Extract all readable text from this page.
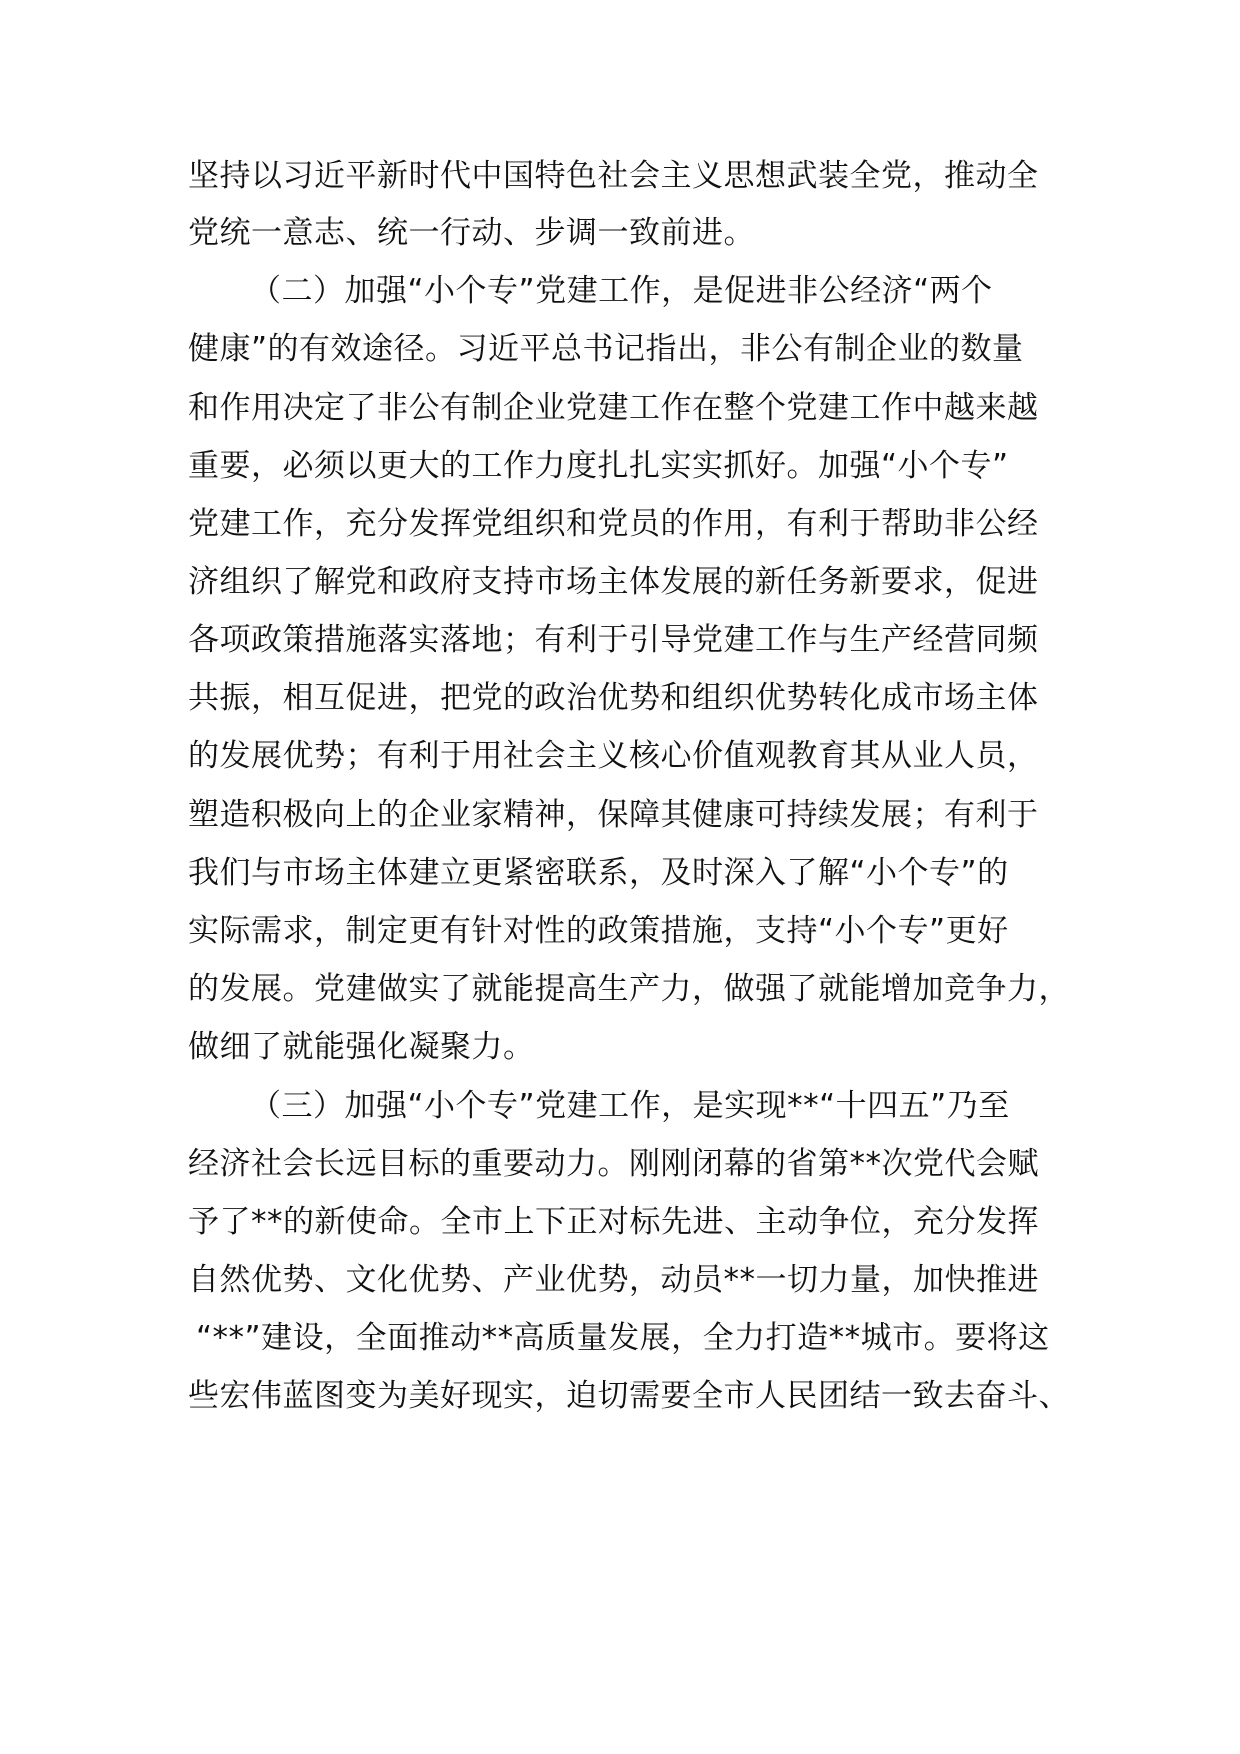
坚持以习近平新时代中国特色社会主义思想武装全党，推动全

党统一意志、统一行动、步调一致前进。

（二）加强“小个专”党建工作，是促进非公经济“两个

健康”的有效途径。习近平总书记指出，非公有制企业的数量

和作用决定了非公有制企业党建工作在整个党建工作中越来越

重要，必须以更大的工作力度扎扎实实抓好。加强“小个专”

党建工作，充分发挥党组织和党员的作用，有利于帮助非公经

济组织了解党和政府支持市场主体发展的新任务新要求，促进

各项政策措施落实落地；有利于引导党建工作与生产经营同频

共振，相互促进，把党的政治优势和组织优势转化成市场主体

的发展优势；有利于用社会主义核心价值观教育其从业人员，

塑造积极向上的企业家精神，保障其健康可持续发展；有利于

我们与市场主体建立更紧密联系，及时深入了解“小个专”的

实际需求，制定更有针对性的政策措施，支持“小个专”更好

的发展。党建做实了就能提高生产力，做强了就能增加竞争力，

做细了就能强化凝聚力。

（三）加强“小个专”党建工作，是实现**“十四五”乃至

经济社会长远目标的重要动力。刚刚闭幕的省第**次党代会赋

予了**的新使命。全市上下正对标先进、主动争位，充分发挥

自然优势、文化优势、产业优势，动员**一切力量，加快推进

“**”建设，全面推动**高质量发展，全力打造**城市。要将这

些宏伟蓝图变为美好现实，迫切需要全市人民团结一致去奋斗、
